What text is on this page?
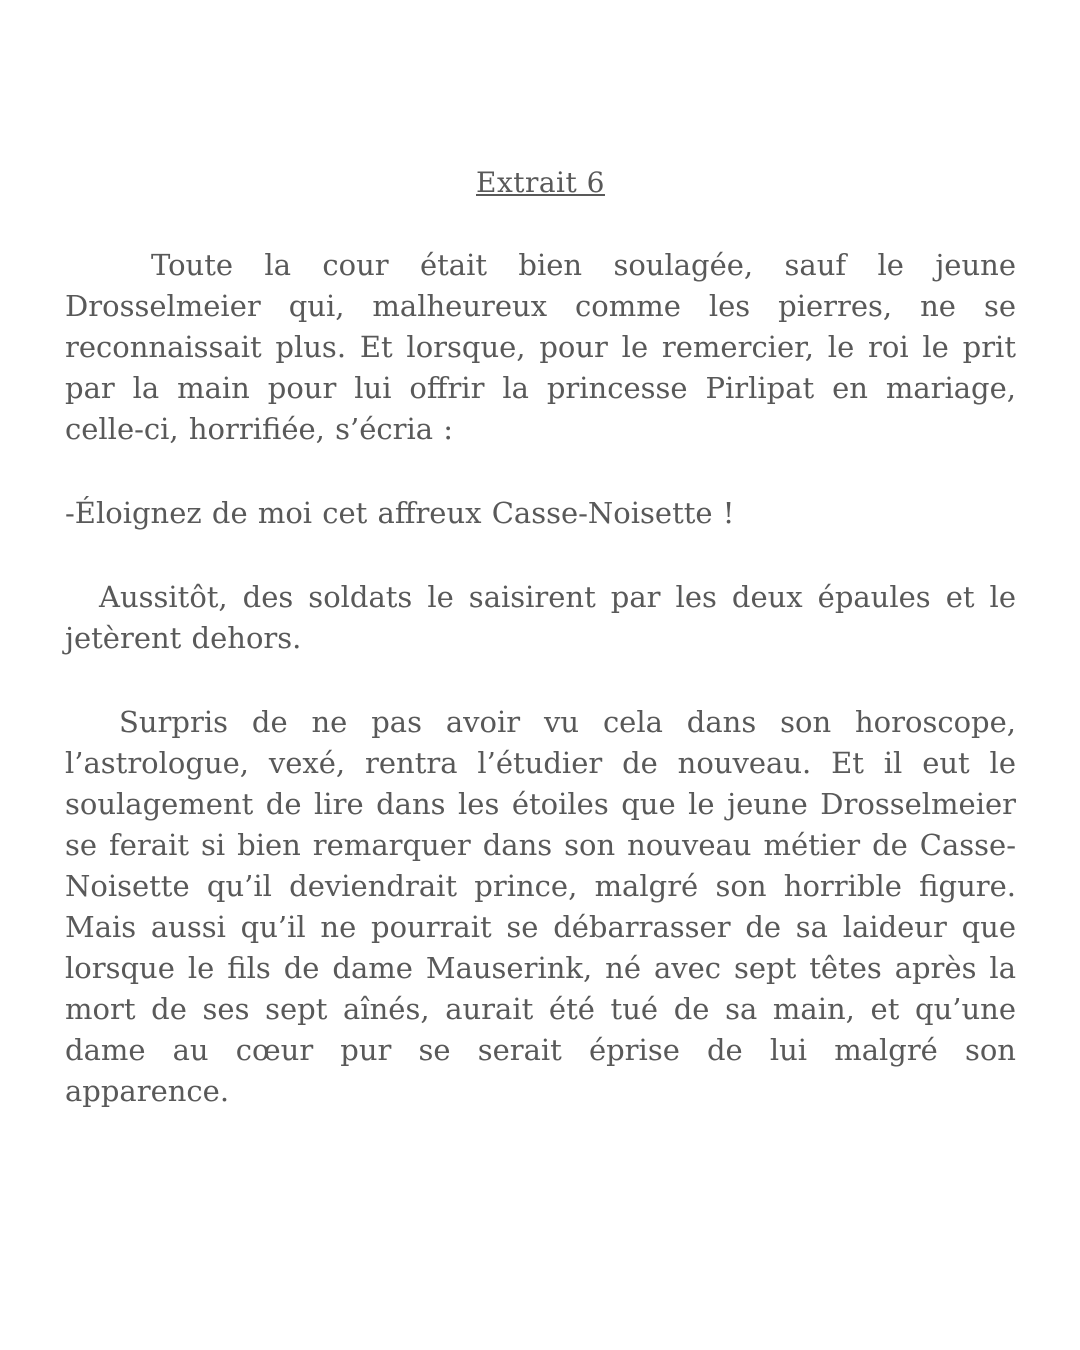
Extrait 6

Toute la cour était bien soulagée, sauf le jeune Drosselmeier qui, malheureux comme les pierres, ne se reconnaissait plus. Et lorsque, pour le remercier, le roi le prit par la main pour lui offrir la princesse Pirlipat en mariage, celle-ci, horrifiée, s’écria :

-Éloignez de moi cet affreux Casse-Noisette !

Aussitôt, des soldats le saisirent par les deux épaules et le jetèrent dehors.

Surpris de ne pas avoir vu cela dans son horoscope, l’astrologue, vexé, rentra l’étudier de nouveau. Et il eut le soulagement de lire dans les étoiles que le jeune Drosselmeier se ferait si bien remarquer dans son nouveau métier de Casse-Noisette qu’il deviendrait prince, malgré son horrible figure. Mais aussi qu’il ne pourrait se débarrasser de sa laideur que lorsque le fils de dame Mauserink, né avec sept têtes après la mort de ses sept aînés, aurait été tué de sa main, et qu’une dame au cœur pur se serait éprise de lui malgré son apparence.
